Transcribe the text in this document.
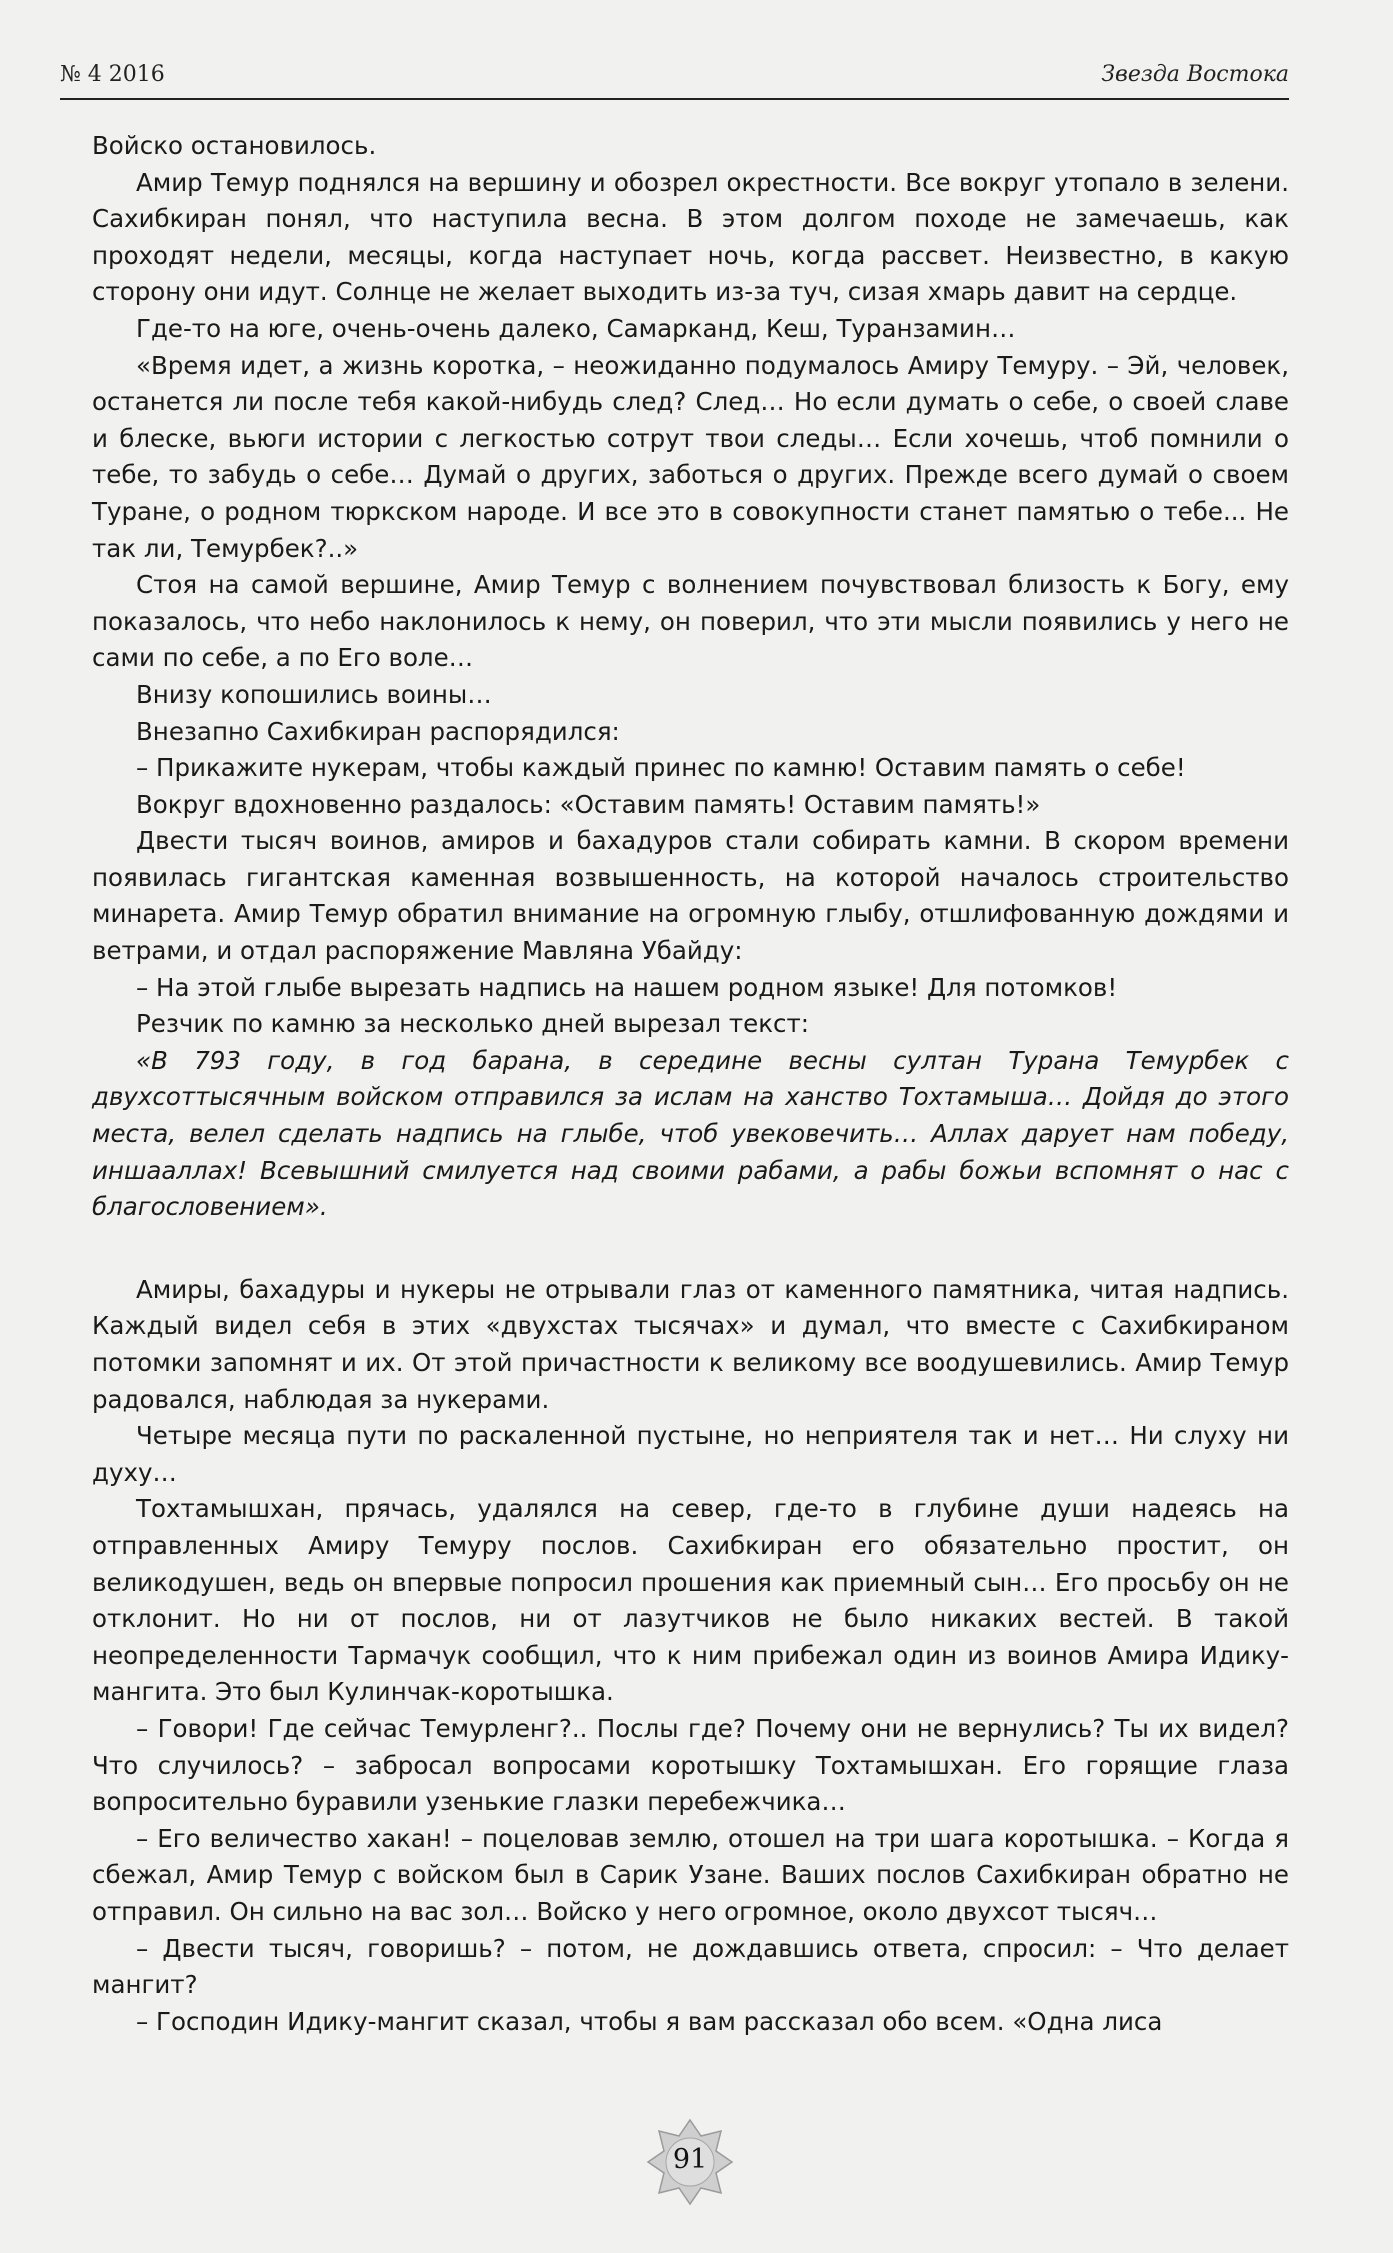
№ 4 2016	Звезда Востока

Войско остановилось.

Амир Темур поднялся на вершину и обозрел окрестности. Все вокруг утопало в зелени. Сахибкиран понял, что наступила весна. В этом долгом походе не замечаешь, как проходят недели, месяцы, когда наступает ночь, когда рассвет. Неизвестно, в какую сторону они идут. Солнце не желает выходить из-за туч, сизая хмарь давит на сердце.

Где-то на юге, очень-очень далеко, Самарканд, Кеш, Туранзамин…

«Время идет, а жизнь коротка, – неожиданно подумалось Амиру Темуру. – Эй, человек, останется ли после тебя какой-нибудь след? След… Но если думать о себе, о своей славе и блеске, вьюги истории с легкостью сотрут твои следы… Если хочешь, чтоб помнили о тебе, то забудь о себе… Думай о других, заботься о других. Прежде всего думай о своем Туране, о родном тюркском народе. И все это в совокупности станет памятью о тебе... Не так ли, Темурбек?..»

Стоя на самой вершине, Амир Темур с волнением почувствовал близость к Богу, ему показалось, что небо наклонилось к нему, он поверил, что эти мысли появились у него не сами по себе, а по Его воле…

Внизу копошились воины…

Внезапно Сахибкиран распорядился:

– Прикажите нукерам, чтобы каждый принес по камню! Оставим память о себе!

Вокруг вдохновенно раздалось: «Оставим память! Оставим память!»

Двести тысяч воинов, амиров и бахадуров стали собирать камни. В скором времени появилась гигантская каменная возвышенность, на которой началось строительство минарета. Амир Темур обратил внимание на огромную глыбу, отшлифованную дождями и ветрами, и отдал распоряжение Мавляна Убайду:

– На этой глыбе вырезать надпись на нашем родном языке! Для потомков!

Резчик по камню за несколько дней вырезал текст:

«В 793 году, в год барана, в середине весны султан Турана Темурбек с двухсоттысячным войском отправился за ислам на ханство Тохтамыша… Дойдя до этого места, велел сделать надпись на глыбе, чтоб увековечить… Аллах дарует нам победу, иншааллах! Всевышний смилуется над своими рабами, а рабы божьи вспомнят о нас с благословением».

Амиры, бахадуры и нукеры не отрывали глаз от каменного памятника, читая надпись. Каждый видел себя в этих «двухстах тысячах» и думал, что вместе с Сахибкираном потомки запомнят и их. От этой причастности к великому все воодушевились. Амир Темур радовался, наблюдая за нукерами.

Четыре месяца пути по раскаленной пустыне, но неприятеля так и нет… Ни слуху ни духу…

Тохтамышхан, прячась, удалялся на север, где-то в глубине души надеясь на отправленных Амиру Темуру послов. Сахибкиран его обязательно простит, он великодушен, ведь он впервые попросил прошения как приемный сын… Его просьбу он не отклонит. Но ни от послов, ни от лазутчиков не было никаких вестей. В такой неопределенности Тармачук сообщил, что к ним прибежал один из воинов Амира Идику-мангита. Это был Кулинчак-коротышка.

– Говори! Где сейчас Темурленг?.. Послы где? Почему они не вернулись? Ты их видел? Что случилось? – забросал вопросами коротышку Тохтамышхан. Его горящие глаза вопросительно буравили узенькие глазки перебежчика…

– Его величество хакан! – поцеловав землю, отошел на три шага коротышка. – Когда я сбежал, Амир Темур с войском был в Сарик Узане. Ваших послов Сахибкиран обратно не отправил. Он сильно на вас зол… Войско у него огромное, около двухсот тысяч…

– Двести тысяч, говоришь? – потом, не дождавшись ответа, спросил: – Что делает мангит?

– Господин Идику-мангит сказал, чтобы я вам рассказал обо всем. «Одна лиса

91
